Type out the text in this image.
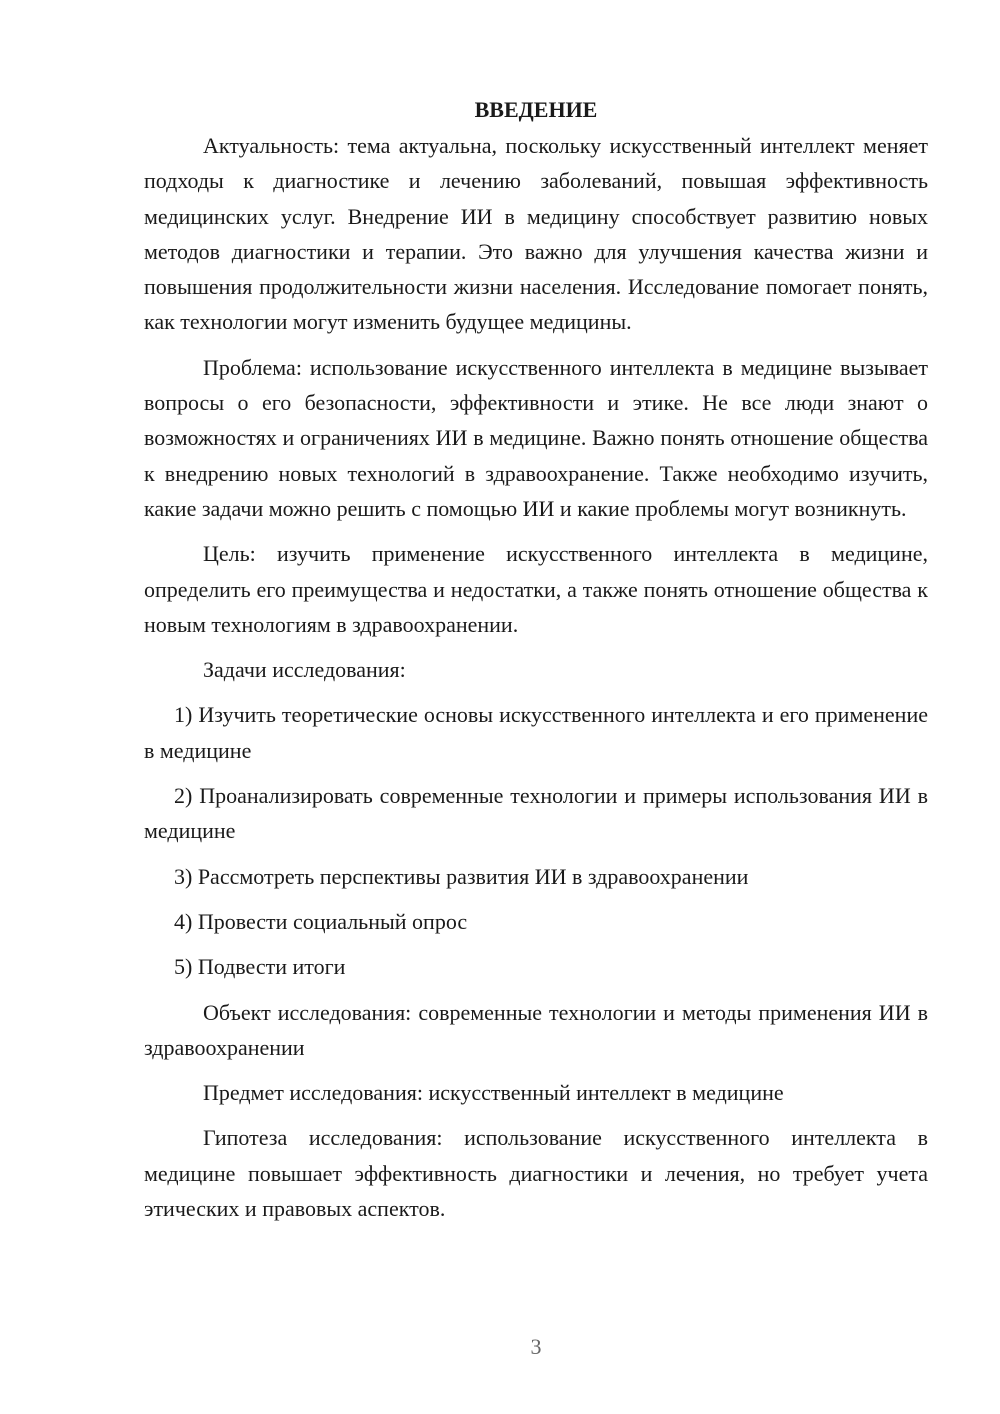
ВВЕДЕНИЕ

Актуальность: тема актуальна, поскольку искусственный интеллект меняет подходы к диагностике и лечению заболеваний, повышая эффективность медицинских услуг. Внедрение ИИ в медицину способствует развитию новых методов диагностики и терапии. Это важно для улучшения качества жизни и повышения продолжительности жизни населения. Исследование помогает понять, как технологии могут изменить будущее медицины.

Проблема: использование искусственного интеллекта в медицине вызывает вопросы о его безопасности, эффективности и этике. Не все люди знают о возможностях и ограничениях ИИ в медицине. Важно понять отношение общества к внедрению новых технологий в здравоохранение. Также необходимо изучить, какие задачи можно решить с помощью ИИ и какие проблемы могут возникнуть.

Цель: изучить применение искусственного интеллекта в медицине, определить его преимущества и недостатки, а также понять отношение общества к новым технологиям в здравоохранении.

Задачи исследования:

1) Изучить теоретические основы искусственного интеллекта и его применение в медицине

2) Проанализировать современные технологии и примеры использования ИИ в медицине

3) Рассмотреть перспективы развития ИИ в здравоохранении

4) Провести социальный опрос

5) Подвести итоги

Объект исследования: современные технологии и методы применения ИИ в здравоохранении

Предмет исследования: искусственный интеллект в медицине

Гипотеза исследования: использование искусственного интеллекта в медицине повышает эффективность диагностики и лечения, но требует учета этических и правовых аспектов.

3
